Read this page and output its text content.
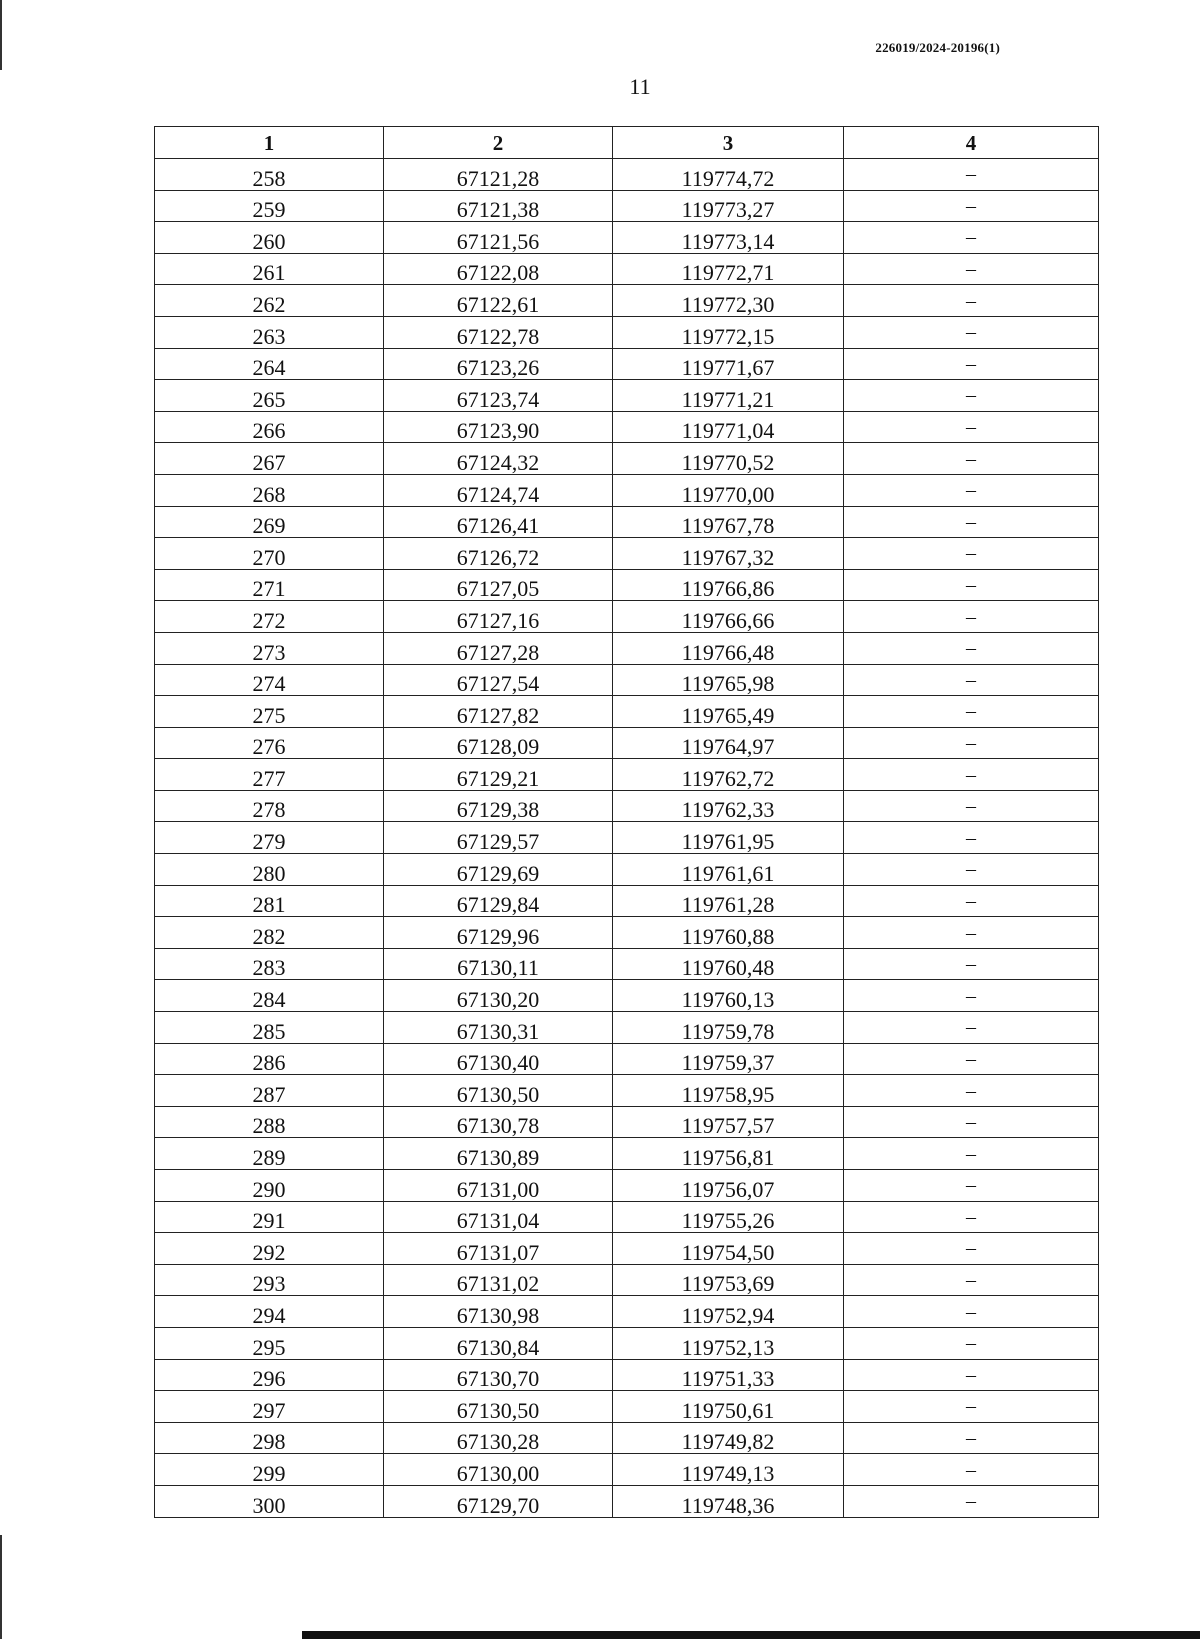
226019/2024-20196(1)
11
1	2	3	4
258	67121,28	119774,72	–
259	67121,38	119773,27	–
260	67121,56	119773,14	–
261	67122,08	119772,71	–
262	67122,61	119772,30	–
263	67122,78	119772,15	–
264	67123,26	119771,67	–
265	67123,74	119771,21	–
266	67123,90	119771,04	–
267	67124,32	119770,52	–
268	67124,74	119770,00	–
269	67126,41	119767,78	–
270	67126,72	119767,32	–
271	67127,05	119766,86	–
272	67127,16	119766,66	–
273	67127,28	119766,48	–
274	67127,54	119765,98	–
275	67127,82	119765,49	–
276	67128,09	119764,97	–
277	67129,21	119762,72	–
278	67129,38	119762,33	–
279	67129,57	119761,95	–
280	67129,69	119761,61	–
281	67129,84	119761,28	–
282	67129,96	119760,88	–
283	67130,11	119760,48	–
284	67130,20	119760,13	–
285	67130,31	119759,78	–
286	67130,40	119759,37	–
287	67130,50	119758,95	–
288	67130,78	119757,57	–
289	67130,89	119756,81	–
290	67131,00	119756,07	–
291	67131,04	119755,26	–
292	67131,07	119754,50	–
293	67131,02	119753,69	–
294	67130,98	119752,94	–
295	67130,84	119752,13	–
296	67130,70	119751,33	–
297	67130,50	119750,61	–
298	67130,28	119749,82	–
299	67130,00	119749,13	–
300	67129,70	119748,36	–
